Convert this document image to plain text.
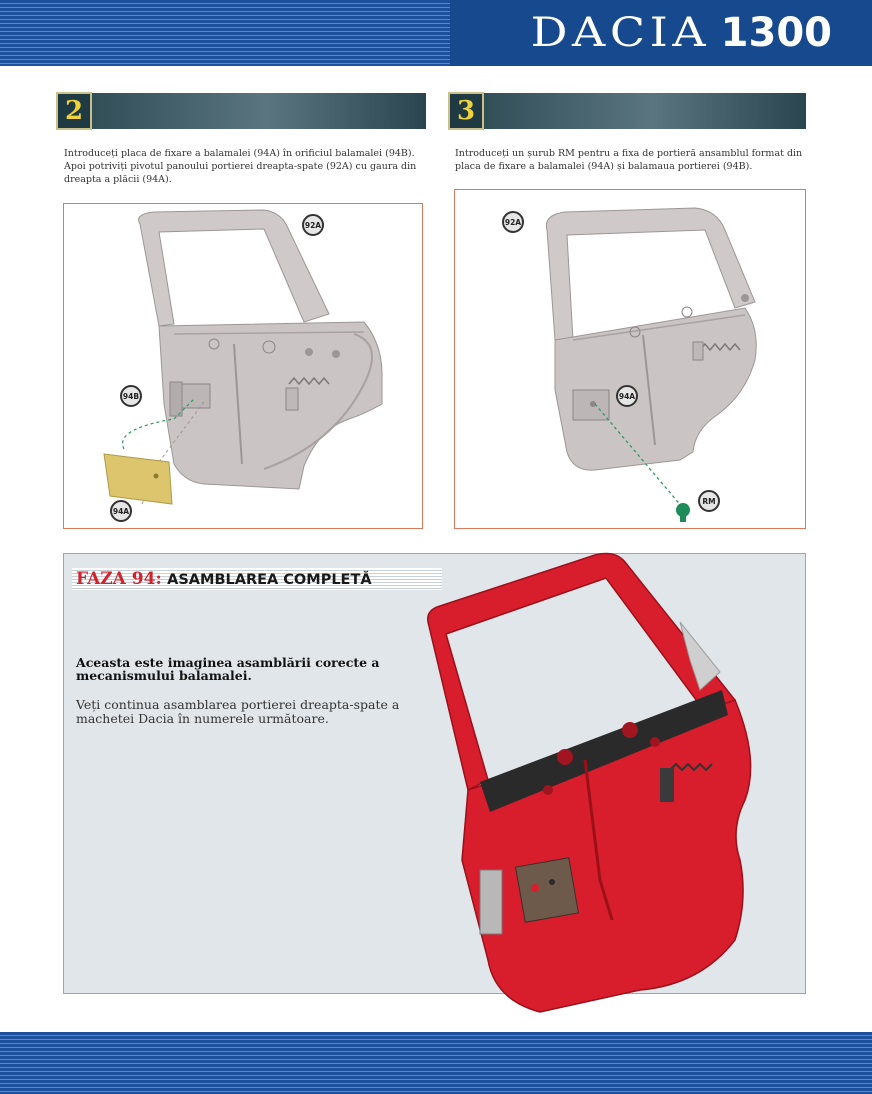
DACIA 1300
2
Introduceți placa de fixare a balamalei (94A) în orificiul balamalei (94B). Apoi potriviți pivotul panoului portierei dreapta-spate (92A) cu gaura din dreapta a plăcii (94A).
92A
94B
94A
3
Introduceți un șurub RM pentru a fixa de portieră ansamblul format din placa de fixare a balamalei (94A) și balamaua portierei (94B).
92A
94A
RM
FAZA 94: ASAMBLAREA COMPLETĂ
Aceasta este imaginea asamblării corecte a mecanismului balamalei.
Veți continua asamblarea portierei dreapta-spate a machetei Dacia în numerele următoare.
